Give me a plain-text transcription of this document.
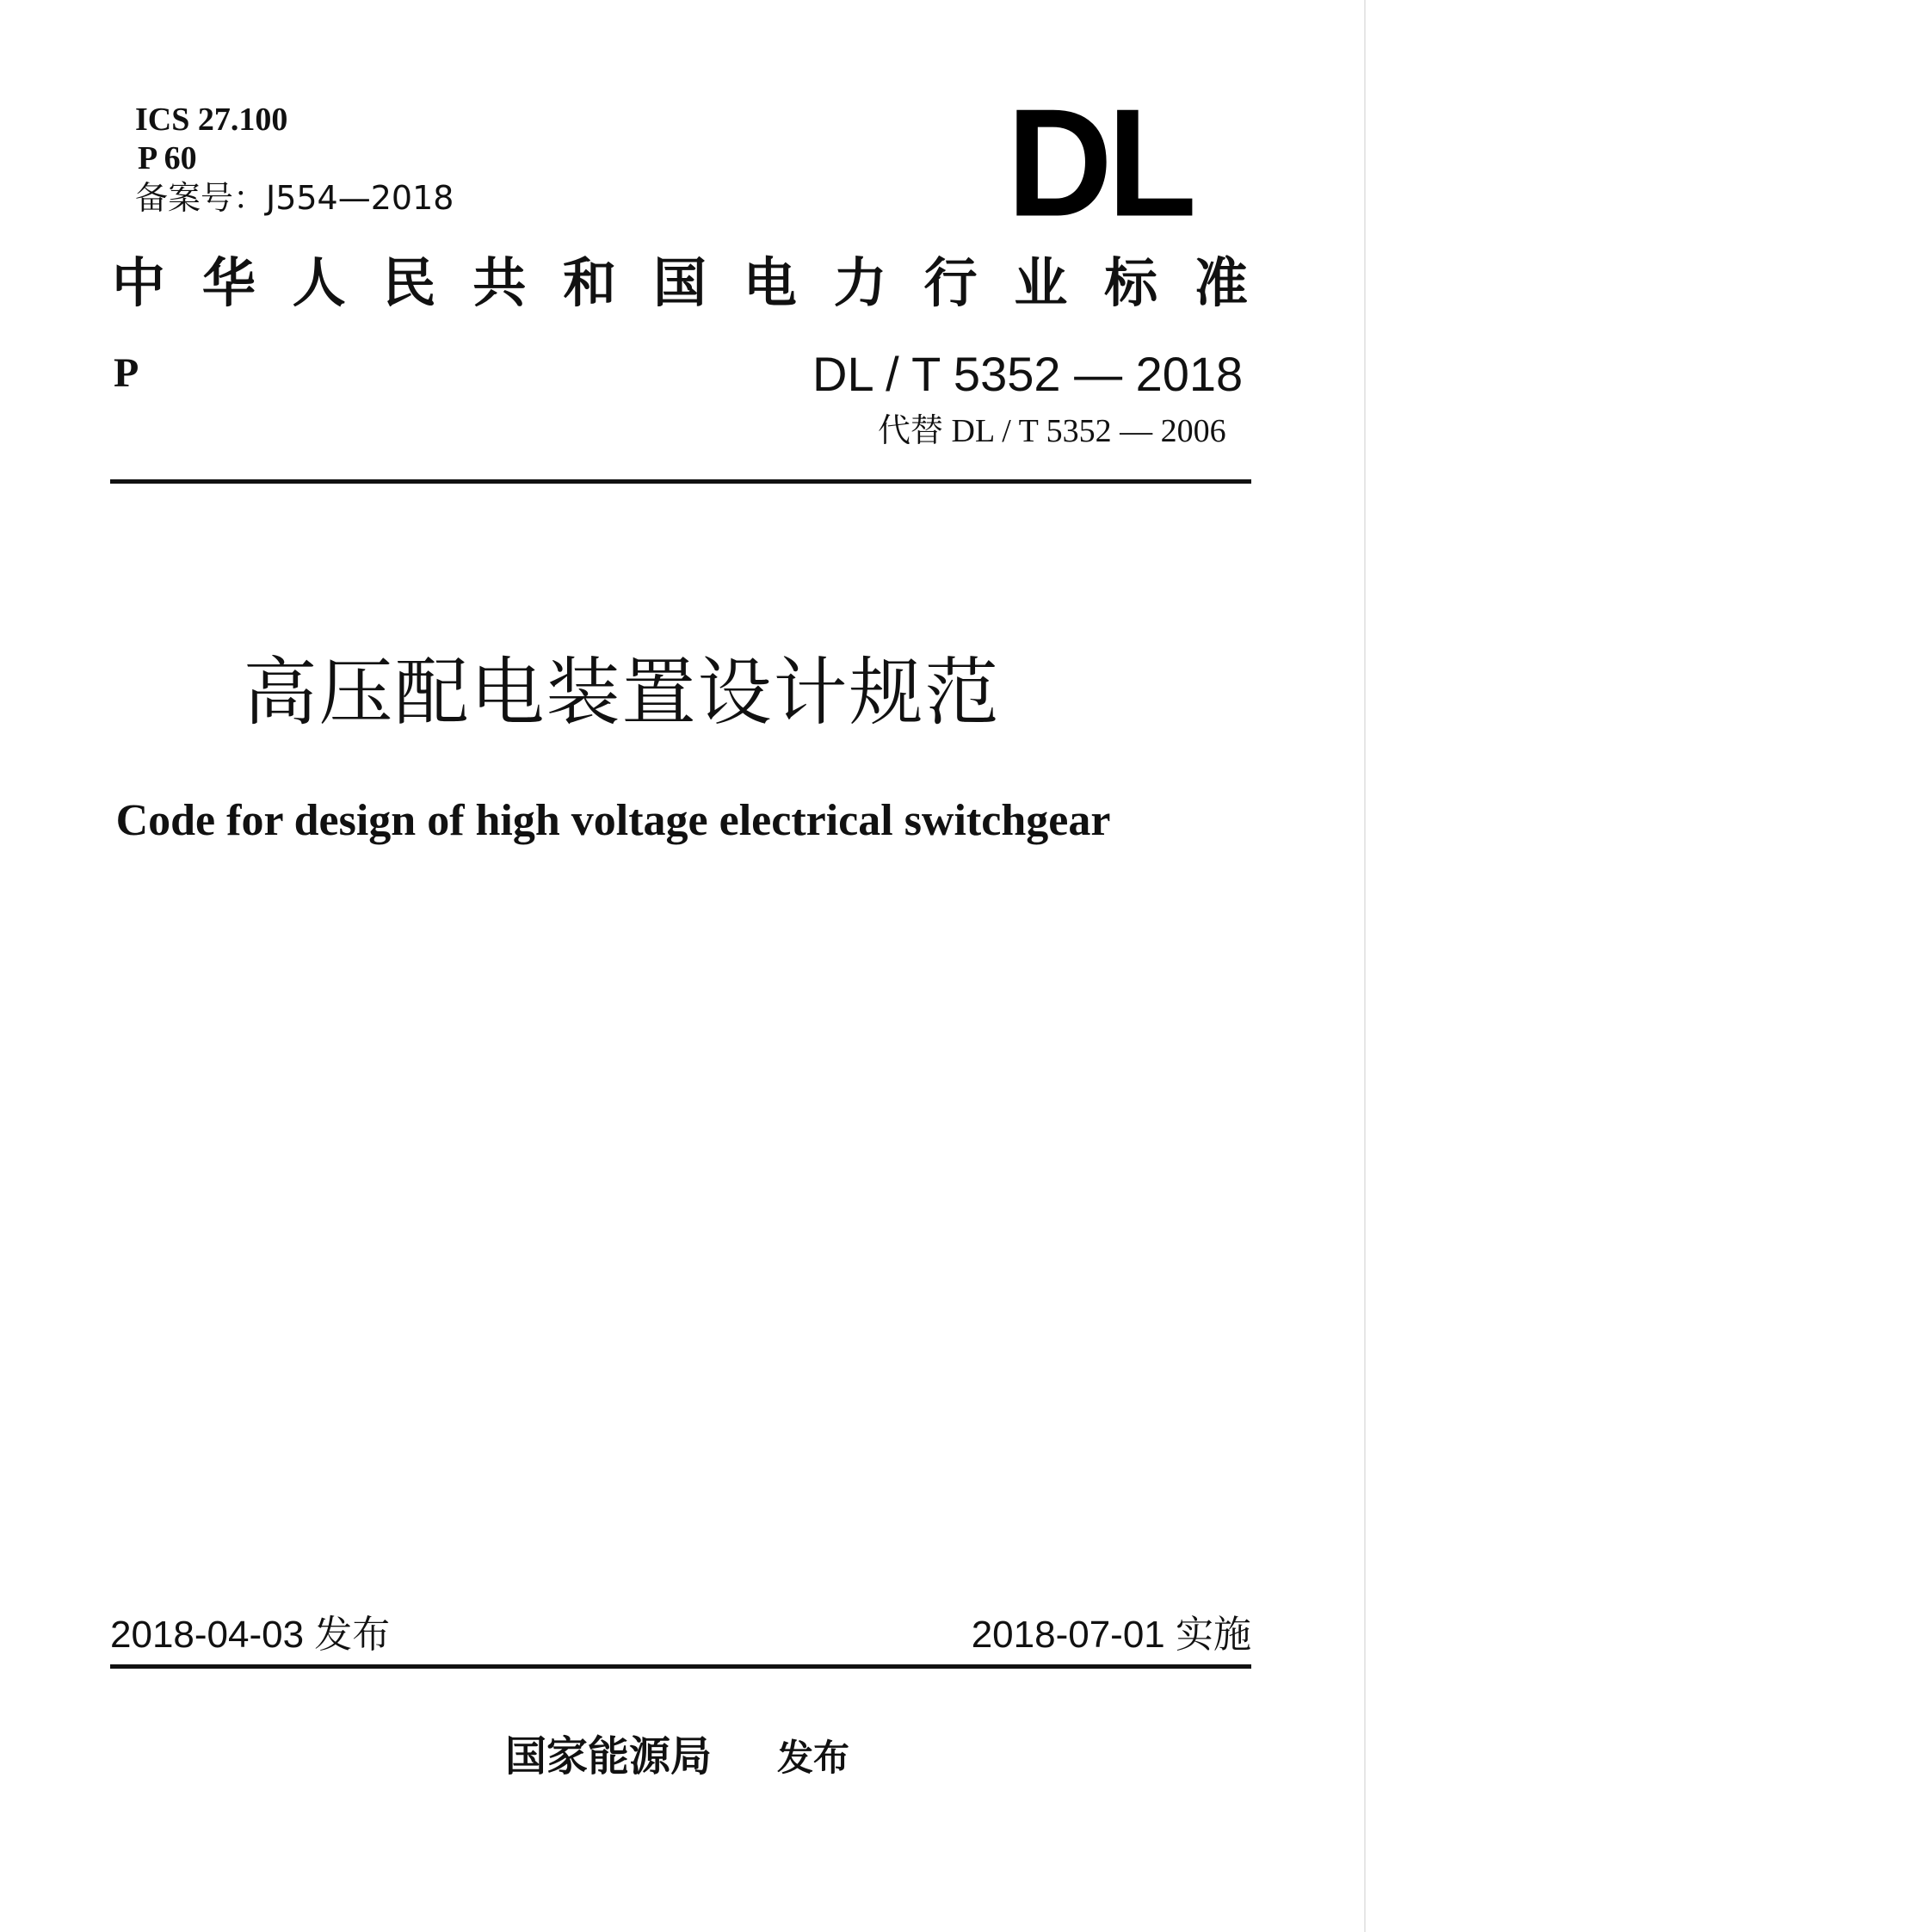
ICS 27.100
P 60
备案号：J554—2018	DL
中 华 人 民 共 和 国 电 力 行 业 标 准
P	DL / T 5352 — 2018
代替 DL / T 5352 — 2006
高压配电装置设计规范
Code for design of high voltage electrical switchgear
2018-04-03 发布	2018-07-01 实施
国家能源局 发布
